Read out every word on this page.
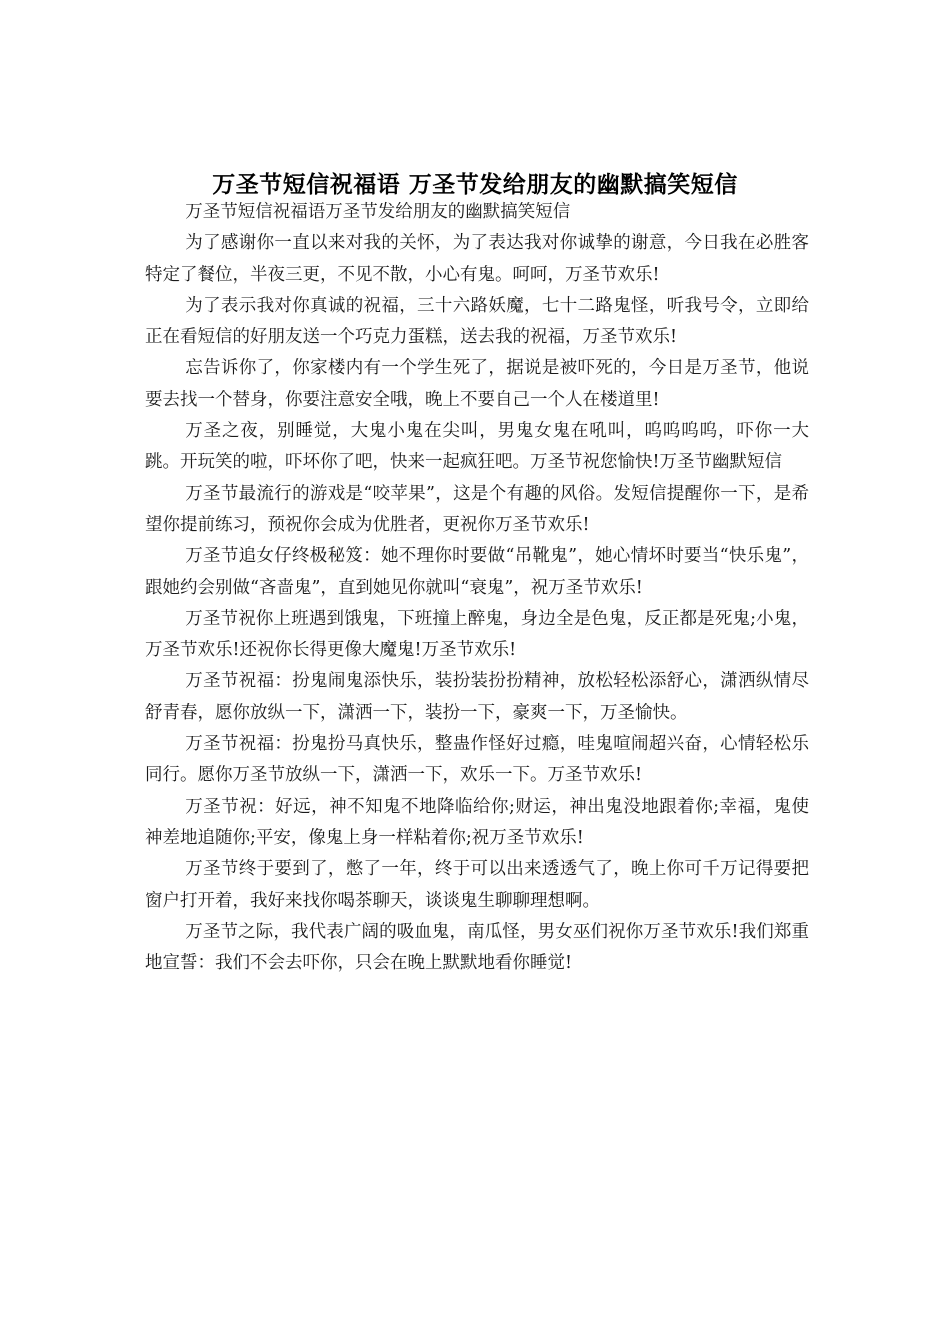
万圣节短信祝福语 万圣节发给朋友的幽默搞笑短信

万圣节短信祝福语万圣节发给朋友的幽默搞笑短信

为了感谢你一直以来对我的关怀，为了表达我对你诚挚的谢意，今日我在必胜客特定了餐位，半夜三更，不见不散，小心有鬼。呵呵，万圣节欢乐!

为了表示我对你真诚的祝福，三十六路妖魔，七十二路鬼怪，听我号令，立即给正在看短信的好朋友送一个巧克力蛋糕，送去我的祝福，万圣节欢乐!

忘告诉你了，你家楼内有一个学生死了，据说是被吓死的，今日是万圣节，他说要去找一个替身，你要注意安全哦，晚上不要自己一个人在楼道里!

万圣之夜，别睡觉，大鬼小鬼在尖叫，男鬼女鬼在吼叫，呜呜呜呜，吓你一大跳。开玩笑的啦，吓坏你了吧，快来一起疯狂吧。万圣节祝您愉快!万圣节幽默短信

万圣节最流行的游戏是“咬苹果”，这是个有趣的风俗。发短信提醒你一下，是希望你提前练习，预祝你会成为优胜者，更祝你万圣节欢乐!

万圣节追女仔终极秘笈：她不理你时要做“吊靴鬼”，她心情坏时要当“快乐鬼”，跟她约会别做“吝啬鬼”，直到她见你就叫“衰鬼”，祝万圣节欢乐!

万圣节祝你上班遇到饿鬼，下班撞上醉鬼，身边全是色鬼，反正都是死鬼;小鬼，万圣节欢乐!还祝你长得更像大魔鬼!万圣节欢乐!

万圣节祝福：扮鬼闹鬼添快乐，装扮装扮扮精神，放松轻松添舒心，潇洒纵情尽舒青春，愿你放纵一下，潇洒一下，装扮一下，豪爽一下，万圣愉快。

万圣节祝福：扮鬼扮马真快乐，整蛊作怪好过瘾，哇鬼喧闹超兴奋，心情轻松乐同行。愿你万圣节放纵一下，潇洒一下，欢乐一下。万圣节欢乐!

万圣节祝：好远，神不知鬼不地降临给你;财运，神出鬼没地跟着你;幸福，鬼使神差地追随你;平安，像鬼上身一样粘着你;祝万圣节欢乐!

万圣节终于要到了，憋了一年，终于可以出来透透气了，晚上你可千万记得要把窗户打开着，我好来找你喝茶聊天，谈谈鬼生聊聊理想啊。

万圣节之际，我代表广阔的吸血鬼，南瓜怪，男女巫们祝你万圣节欢乐!我们郑重地宣誓：我们不会去吓你，只会在晚上默默地看你睡觉!
